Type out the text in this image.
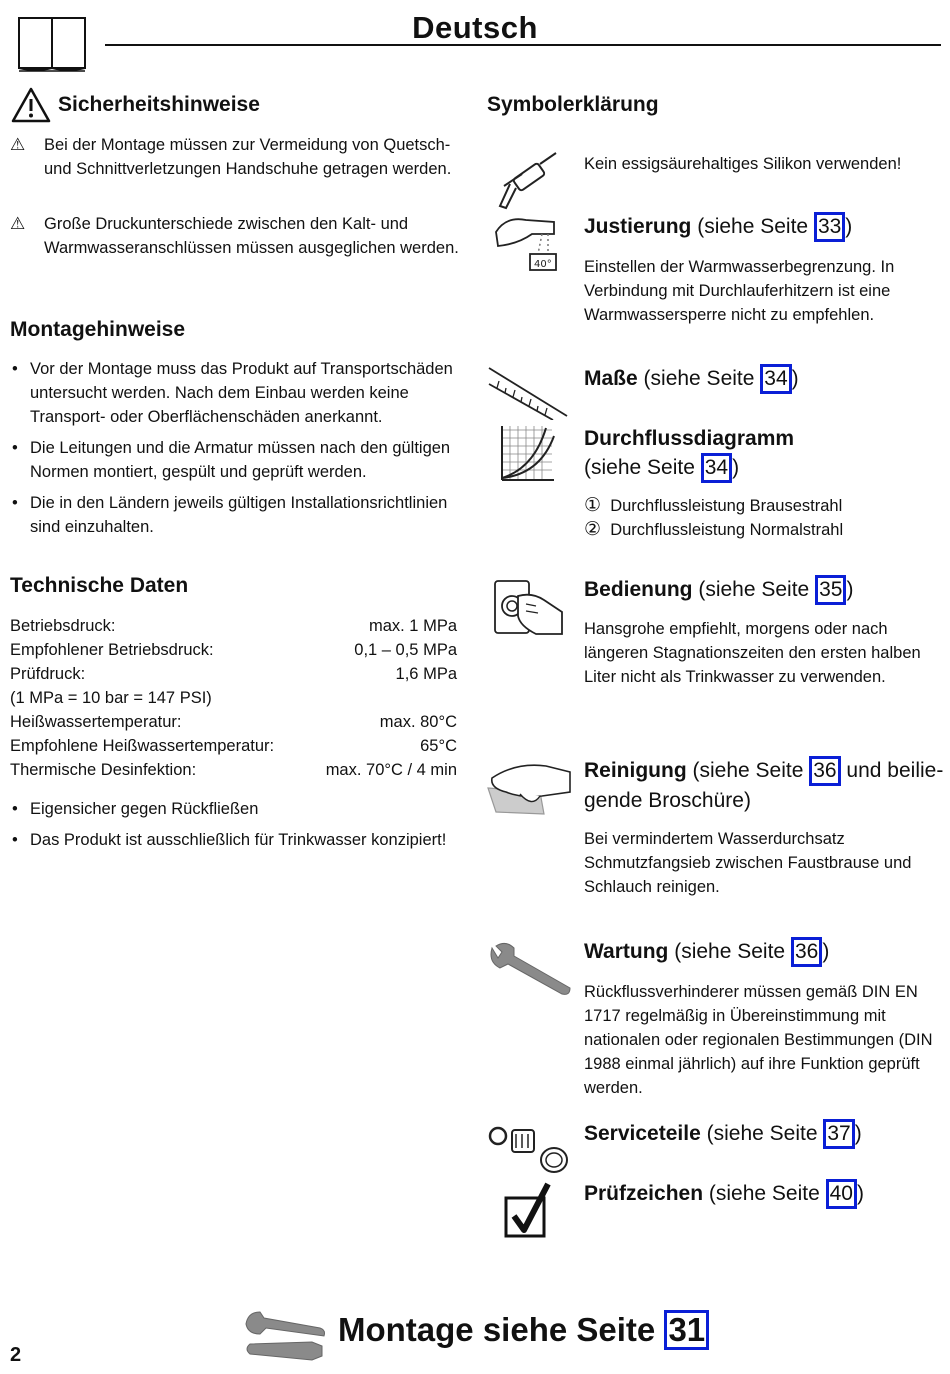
Deutsch
Sicherheitshinweise
⚠ Bei der Montage müssen zur Vermeidung von Quetsch- und Schnittverletzungen Handschuhe getragen werden.
⚠ Große Druckunterschiede zwischen den Kalt- und Warmwasseranschlüssen müssen ausgeglichen werden.
Montagehinweise
• Vor der Montage muss das Produkt auf Transportschäden untersucht werden. Nach dem Einbau werden keine Transport- oder Oberflächenschäden anerkannt.
• Die Leitungen und die Armatur müssen nach den gültigen Normen montiert, gespült und geprüft werden.
• Die in den Ländern jeweils gültigen Installationsrichtlinien sind einzuhalten.
Technische Daten
Betriebsdruck:	max. 1 MPa
Empfohlener Betriebsdruck:	0,1 – 0,5 MPa
Prüfdruck:	1,6 MPa
(1 MPa = 10 bar = 147 PSI)
Heißwassertemperatur:	max. 80°C
Empfohlene Heißwassertemperatur:	65°C
Thermische Desinfektion:	max. 70°C / 4 min
• Eigensicher gegen Rückfließen
• Das Produkt ist ausschließlich für Trinkwasser konzipiert!
Symbolerklärung
Kein essigsäurehaltiges Silikon verwenden!
40°
Justierung (siehe Seite 33 )
Einstellen der Warmwasserbegrenzung. In Verbindung mit Durchlauferhitzern ist eine Warmwassersperre nicht zu empfehlen.
Maße (siehe Seite 34 )
Durchflussdiagramm
(siehe Seite 34 )
① Durchflussleistung Brausestrahl
② Durchflussleistung Normalstrahl
Bedienung (siehe Seite 35 )
Hansgrohe empfiehlt, morgens oder nach längeren Stagnationszeiten den ersten halben Liter nicht als Trinkwasser zu verwenden.
Reinigung (siehe Seite 36 und beiliegende Broschüre)
Bei vermindertem Wasserdurchsatz Schmutzfangsieb zwischen Faustbrause und Schlauch reinigen.
Wartung (siehe Seite 36 )
Rückflussverhinderer müssen gemäß DIN EN 1717 regelmäßig in Übereinstimmung mit nationalen oder regionalen Bestimmungen (DIN 1988 einmal jährlich) auf ihre Funktion geprüft werden.
Serviceteile (siehe Seite 37 )
Prüfzeichen (siehe Seite 40 )
Montage siehe Seite 31
2
